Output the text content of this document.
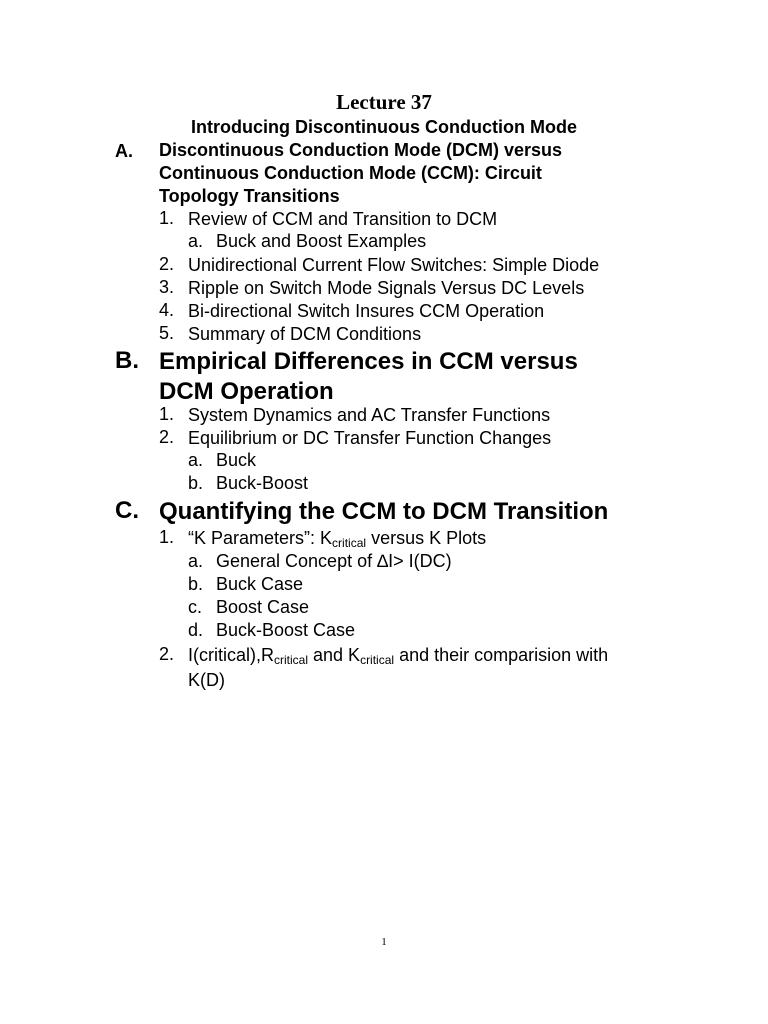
Lecture 37
Introducing Discontinuous Conduction Mode
A. Discontinuous Conduction Mode (DCM) versus
Continuous Conduction Mode (CCM): Circuit
Topology Transitions
1. Review of CCM and Transition to DCM
a. Buck and Boost Examples
2. Unidirectional Current Flow Switches: Simple Diode
3. Ripple on Switch Mode Signals Versus DC Levels
4. Bi-directional Switch Insures CCM Operation
5. Summary of DCM Conditions
B. Empirical Differences in CCM versus
DCM Operation
1. System Dynamics and AC Transfer Functions
2. Equilibrium or DC Transfer Function Changes
a. Buck
b. Buck-Boost
C. Quantifying the CCM to DCM Transition
1. “K Parameters”: Kcritical versus K Plots
a. General Concept of ∆I> I(DC)
b. Buck Case
c. Boost Case
d. Buck-Boost Case
2. I(critical),Rcritical and Kcritical and their comparision with
K(D)
1
